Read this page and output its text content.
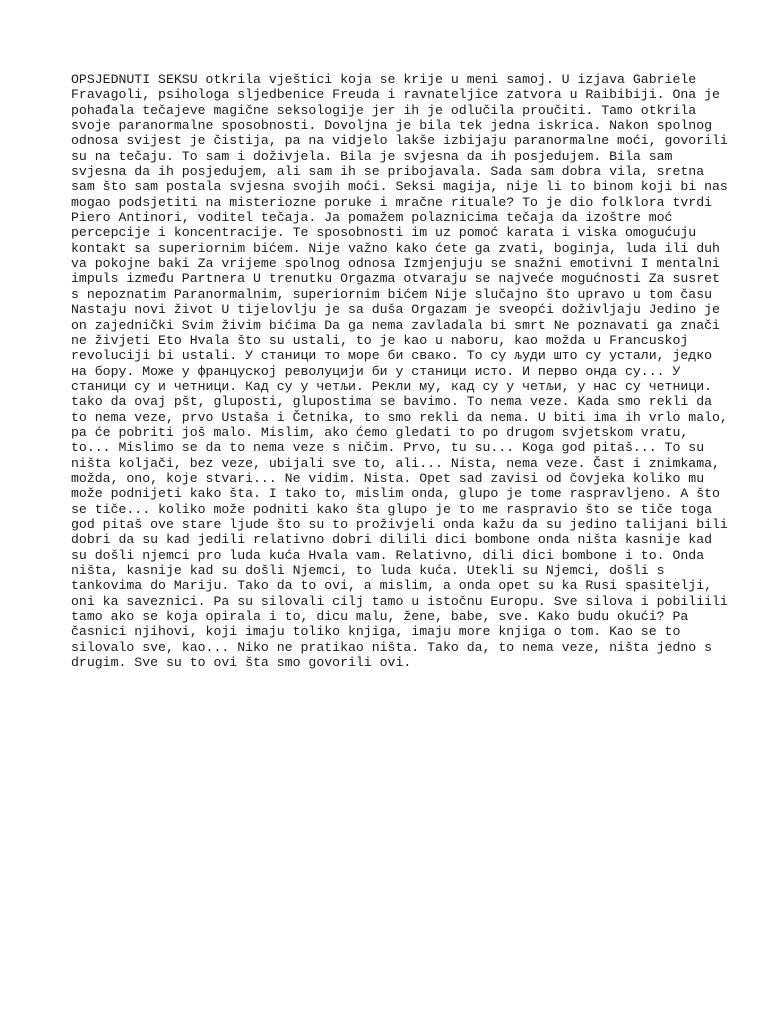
OPSJEDNUTI SEKSU otkrila vještici koja se krije u meni samoj. U izjava Gabriele
Fravagoli, psihologa sljedbenice Freuda i ravnateljice zatvora u Raibibiji. Ona je
pohađala tečajeve magične seksologije jer ih je odlučila proučiti. Tamo otkrila
svoje paranormalne sposobnosti. Dovoljna je bila tek jedna iskrica. Nakon spolnog
odnosa svijest je čistija, pa na vidjelo lakše izbijaju paranormalne moći, govorili
su na tečaju. To sam i doživjela. Bila je svjesna da ih posjedujem. Bila sam
svjesna da ih posjedujem, ali sam ih se pribojavala. Sada sam dobra vila, sretna
sam što sam postala svjesna svojih moći. Seksi magija, nije li to binom koji bi nas
mogao podsjetiti na misteriozne poruke i mračne rituale? To je dio folklora tvrdi
Piero Antinori, voditel tečaja. Ja pomažem polaznicima tečaja da izoštre moć
percepcije i koncentracije. Te sposobnosti im uz pomoć karata i viska omogućuju
kontakt sa superiornim bićem. Nije važno kako ćete ga zvati, boginja, luda ili duh
va pokojne baki Za vrijeme spolnog odnosa Izmjenjuju se snažni emotivni I mentalni
impuls između Partnera U trenutku Orgazma otvaraju se najveće mogućnosti Za susret
s nepoznatim Paranormalnim, superiornim bićem Nije slučajno što upravo u tom času
Nastaju novi život U tijelovlju je sa duša Orgazam je sveopći doživljaju Jedino je
on zajednički Svim živim bićima Da ga nema zavladala bi smrt Ne poznavati ga znači
ne živjeti Eto Hvala što su ustali, to je kao u naboru, kao možda u Francuskoj
revoluciji bi ustali. У станици то море би свако. То су људи што су устали, једко
на бору. Може у француској револуцији би у станици исто. И перво онда су... У
станици су и четници. Кад су у четљи. Рекли му, кад су у четљи, у нас су четници.
tako da ovaj pšt, gluposti, glupostima se bavimo. To nema veze. Kada smo rekli da
to nema veze, prvo Ustaša i Četnika, to smo rekli da nema. U biti ima ih vrlo malo,
pa će pobriti još malo. Mislim, ako ćemo gledati to po drugom svjetskom vratu,
to... Mislimo se da to nema veze s ničim. Prvo, tu su... Koga god pitaš... To su
ništa koljači, bez veze, ubijali sve to, ali... Nista, nema veze. Čast i znimkama,
možda, ono, koje stvari... Ne vidim. Nista. Opet sad zavisi od čovjeka koliko mu
može podnijeti kako šta. I tako to, mislim onda, glupo je tome raspravljeno. A što
se tiče... koliko može podniti kako šta glupo je to me raspravio što se tiče toga
god pitaš ove stare ljude što su to proživjeli onda kažu da su jedino talijani bili
dobri da su kad jedili relativno dobri dilili dici bombone onda ništa kasnije kad
su došli njemci pro luda kuća Hvala vam. Relativno, dili dici bombone i to. Onda
ništa, kasnije kad su došli Njemci, to luda kuća. Utekli su Njemci, došli s
tankovima do Mariju. Tako da to ovi, a mislim, a onda opet su ka Rusi spasitelji,
oni ka saveznici. Pa su silovali cilj tamo u istočnu Europu. Sve silova i pobiliili
tamo ako se koja opirala i to, dicu malu, žene, babe, sve. Kako budu okući? Pa
časnici njihovi, koji imaju toliko knjiga, imaju more knjiga o tom. Kao se to
silovalo sve, kao... Niko ne pratikao ništa. Tako da, to nema veze, ništa jedno s
drugim. Sve su to ovi šta smo govorili ovi.
